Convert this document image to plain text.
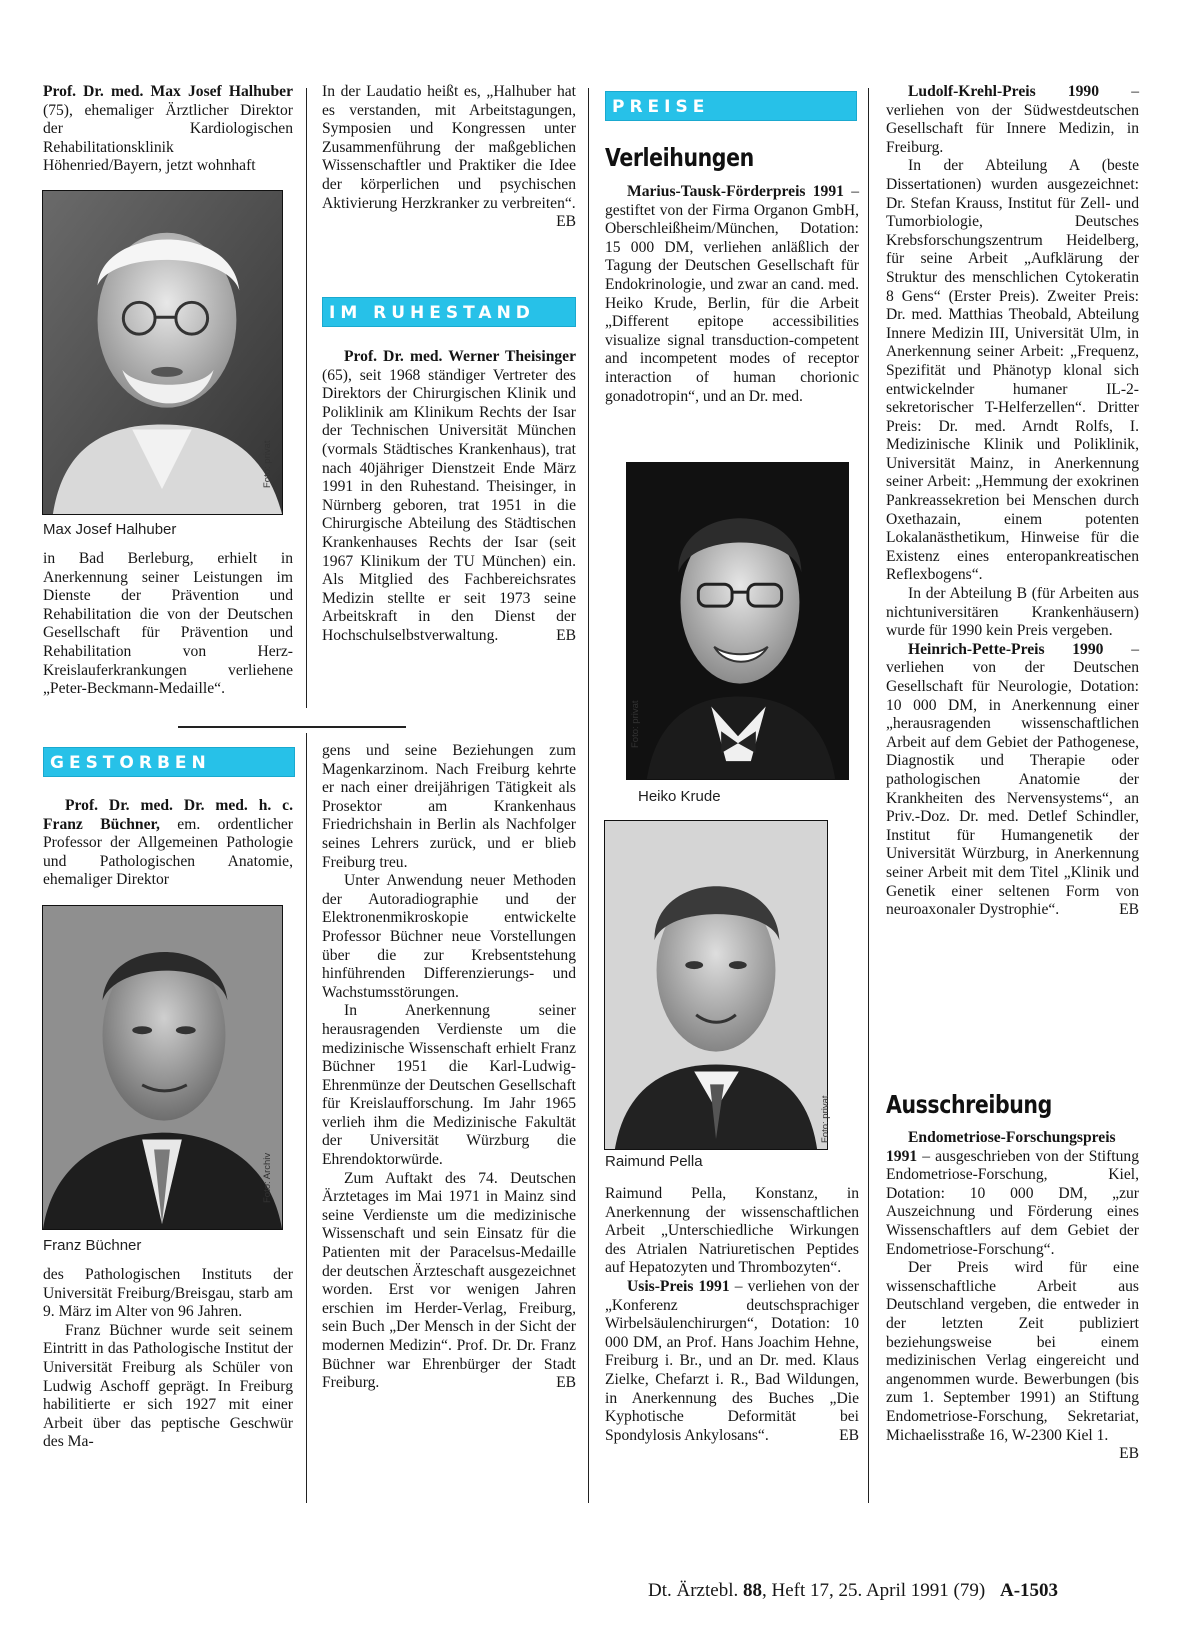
Prof. Dr. med. Max Josef Halhuber (75), ehemaliger Ärztlicher Direktor der Kardiologischen Rehabilitationsklinik Höhenried/Bayern, jetzt wohnhaft

Foto: privat
Max Josef Halhuber

in Bad Berleburg, erhielt in Anerkennung seiner Leistungen im Dienste der Prävention und Rehabilitation die von der Deutschen Gesellschaft für Prävention und Rehabilitation von Herz-Kreislauferkrankungen verliehene „Peter-Beckmann-Medaille“.

GESTORBEN

Prof. Dr. med. Dr. med. h. c. Franz Büchner, em. ordentlicher Professor der Allgemeinen Pathologie und Pathologischen Anatomie, ehemaliger Direktor

Foto: Archiv
Franz Büchner

des Pathologischen Instituts der Universität Freiburg/Breisgau, starb am 9. März im Alter von 96 Jahren.

Franz Büchner wurde seit seinem Eintritt in das Pathologische Institut der Universität Freiburg als Schüler von Ludwig Aschoff geprägt. In Freiburg habilitierte er sich 1927 mit einer Arbeit über das peptische Geschwür des Ma-

In der Laudatio heißt es, „Halhuber hat es verstanden, mit Arbeitstagungen, Symposien und Kongressen unter Zusammenführung der maßgeblichen Wissenschaftler und Praktiker die Idee der körperlichen und psychischen Aktivierung Herzkranker zu verbreiten“.
EB

IM RUHESTAND

Prof. Dr. med. Werner Theisinger (65), seit 1968 ständiger Vertreter des Direktors der Chirurgischen Klinik und Poliklinik am Klinikum Rechts der Isar der Technischen Universität München (vormals Städtisches Krankenhaus), trat nach 40jähriger Dienstzeit Ende März 1991 in den Ruhestand. Theisinger, in Nürnberg geboren, trat 1951 in die Chirurgische Abteilung des Städtischen Krankenhauses Rechts der Isar (seit 1967 Klinikum der TU München) ein. Als Mitglied des Fachbereichsrates Medizin stellte er seit 1973 seine Arbeitskraft in den Dienst der Hochschulselbstverwaltung.	EB

gens und seine Beziehungen zum Magenkarzinom. Nach Freiburg kehrte er nach einer dreijährigen Tätigkeit als Prosektor am Krankenhaus Friedrichshain in Berlin als Nachfolger seines Lehrers zurück, und er blieb Freiburg treu.

Unter Anwendung neuer Methoden der Autoradiographie und der Elektronenmikroskopie entwickelte Professor Büchner neue Vorstellungen über die zur Krebsentstehung hinführenden Differenzierungs- und Wachstumsstörungen.

In Anerkennung seiner herausragenden Verdienste um die medizinische Wissenschaft erhielt Franz Büchner 1951 die Karl-Ludwig-Ehrenmünze der Deutschen Gesellschaft für Kreislaufforschung. Im Jahr 1965 verlieh ihm die Medizinische Fakultät der Universität Würzburg die Ehrendoktorwürde.

Zum Auftakt des 74. Deutschen Ärztetages im Mai 1971 in Mainz sind seine Verdienste um die medizinische Wissenschaft und sein Einsatz für die Patienten mit der Paracelsus-Medaille der deutschen Ärzteschaft ausgezeichnet worden. Erst vor wenigen Jahren erschien im Herder-Verlag, Freiburg, sein Buch „Der Mensch in der Sicht der modernen Medizin“. Prof. Dr. Dr. Franz Büchner war Ehrenbürger der Stadt Freiburg.	EB

PREISE
Verleihungen

Marius-Tausk-Förderpreis 1991 – gestiftet von der Firma Organon GmbH, Oberschleißheim/München, Dotation: 15 000 DM, verliehen anläßlich der Tagung der Deutschen Gesellschaft für Endokrinologie, und zwar an cand. med. Heiko Krude, Berlin, für die Arbeit „Different epitope accessibilities visualize signal transduction-competent and incompetent modes of receptor interaction of human chorionic gonadotropin“, und an Dr. med.

Foto: privat
Heiko Krude
Foto: privat
Raimund Pella

Raimund Pella, Konstanz, in Anerkennung der wissenschaftlichen Arbeit „Unterschiedliche Wirkungen des Atrialen Natriuretischen Peptides auf Hepatozyten und Thrombozyten“.

Usis-Preis 1991 – verliehen von der „Konferenz deutschsprachiger Wirbelsäulenchirurgen“, Dotation: 10 000 DM, an Prof. Hans Joachim Hehne, Freiburg i. Br., und an Dr. med. Klaus Zielke, Chefarzt i. R., Bad Wildungen, in Anerkennung des Buches „Die Kyphotische Deformität bei Spondylosis Ankylosans“.	EB

Ludolf-Krehl-Preis 1990 – verliehen von der Südwestdeutschen Gesellschaft für Innere Medizin, in Freiburg.

In der Abteilung A (beste Dissertationen) wurden ausgezeichnet: Dr. Stefan Krauss, Institut für Zell- und Tumorbiologie, Deutsches Krebsforschungszentrum Heidelberg, für seine Arbeit „Aufklärung der Struktur des menschlichen Cytokeratin 8 Gens“ (Erster Preis). Zweiter Preis: Dr. med. Matthias Theobald, Abteilung Innere Medizin III, Universität Ulm, in Anerkennung seiner Arbeit: „Frequenz, Spezifität und Phänotyp klonal sich entwickelnder humaner IL-2-sekretorischer T-Helferzellen“. Dritter Preis: Dr. med. Arndt Rolfs, I. Medizinische Klinik und Poliklinik, Universität Mainz, in Anerkennung seiner Arbeit: „Hemmung der exokrinen Pankreassekretion bei Menschen durch Oxethazain, einem potenten Lokalanästhetikum, Hinweise für die Existenz eines enteropankreatischen Reflexbogens“.

In der Abteilung B (für Arbeiten aus nichtuniversitären Krankenhäusern) wurde für 1990 kein Preis vergeben.

Heinrich-Pette-Preis 1990 – verliehen von der Deutschen Gesellschaft für Neurologie, Dotation: 10 000 DM, in Anerkennung einer „herausragenden wissenschaftlichen Arbeit auf dem Gebiet der Pathogenese, Diagnostik und Therapie oder pathologischen Anatomie der Krankheiten des Nervensystems“, an Priv.-Doz. Dr. med. Detlef Schindler, Institut für Humangenetik der Universität Würzburg, in Anerkennung seiner Arbeit mit dem Titel „Klinik und Genetik einer seltenen Form von neuroaxonaler Dystrophie“.	EB

Ausschreibung

Endometriose-Forschungspreis 1991 – ausgeschrieben von der Stiftung Endometriose-Forschung, Kiel, Dotation: 10 000 DM, „zur Auszeichnung und Förderung eines Wissenschaftlers auf dem Gebiet der Endometriose-Forschung“.

Der Preis wird für eine wissenschaftliche Arbeit aus Deutschland vergeben, die entweder in der letzten Zeit publiziert beziehungsweise bei einem medizinischen Verlag eingereicht und angenommen wurde. Bewerbungen (bis zum 1. September 1991) an Stiftung Endometriose-Forschung, Sekretariat, Michaelisstraße 16, W-2300 Kiel 1.
EB

Dt. Ärztebl. 88, Heft 17, 25. April 1991 (79) A-1503
